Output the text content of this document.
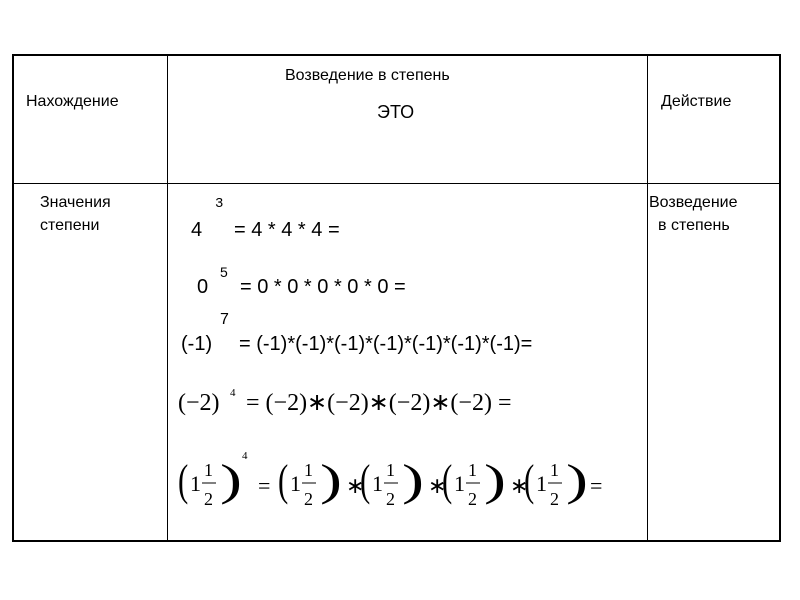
Нахождение
Возведение в степень
ЭТО
Действие
Значения
степени
Возведение
в степень
4
3
= 4 * 4 * 4 =
0
5
= 0 * 0 * 0 * 0 * 0 =
(-1)
7
= (-1)*(-1)*(-1)*(-1)*(-1)*(-1)*(-1)=
(−2) 4 = (−2)∗(−2)∗(−2)∗(−2) =
( 1
1
2 )
4
= ( 1
1
2 ) ∗
( 1
1
2 ) ∗
( 1
1
2 ) ∗
( 1
1
2 ) =
